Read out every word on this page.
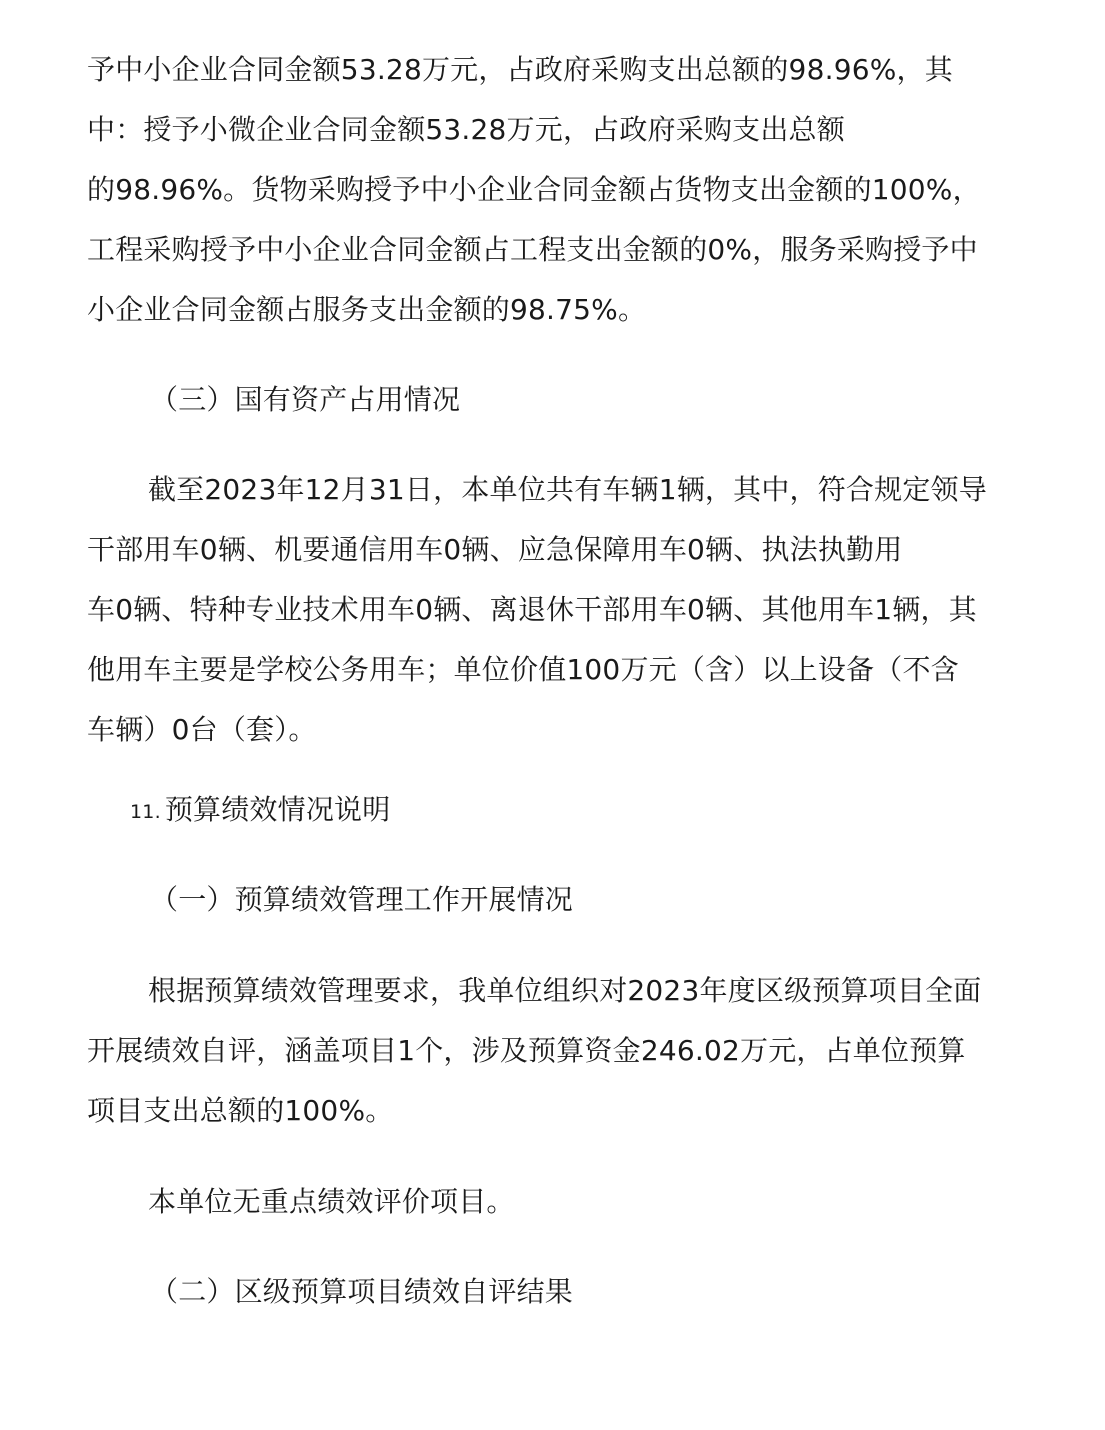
予中小企业合同金额53.28万元，占政府采购支出总额的98.96%，其
中：授予小微企业合同金额53.28万元，占政府采购支出总额
的98.96%。货物采购授予中小企业合同金额占货物支出金额的100%，
工程采购授予中小企业合同金额占工程支出金额的0%，服务采购授予中
小企业合同金额占服务支出金额的98.75%。
（三）国有资产占用情况
截至2023年12月31日，本单位共有车辆1辆，其中，符合规定领导
干部用车0辆、机要通信用车0辆、应急保障用车0辆、执法执勤用
车0辆、特种专业技术用车0辆、离退休干部用车0辆、其他用车1辆，其
他用车主要是学校公务用车；单位价值100万元（含）以上设备（不含
车辆）0台（套）。
11. 预算绩效情况说明
（一）预算绩效管理工作开展情况
根据预算绩效管理要求，我单位组织对2023年度区级预算项目全面
开展绩效自评，涵盖项目1个，涉及预算资金246.02万元，占单位预算
项目支出总额的100%。
本单位无重点绩效评价项目。
（二）区级预算项目绩效自评结果
